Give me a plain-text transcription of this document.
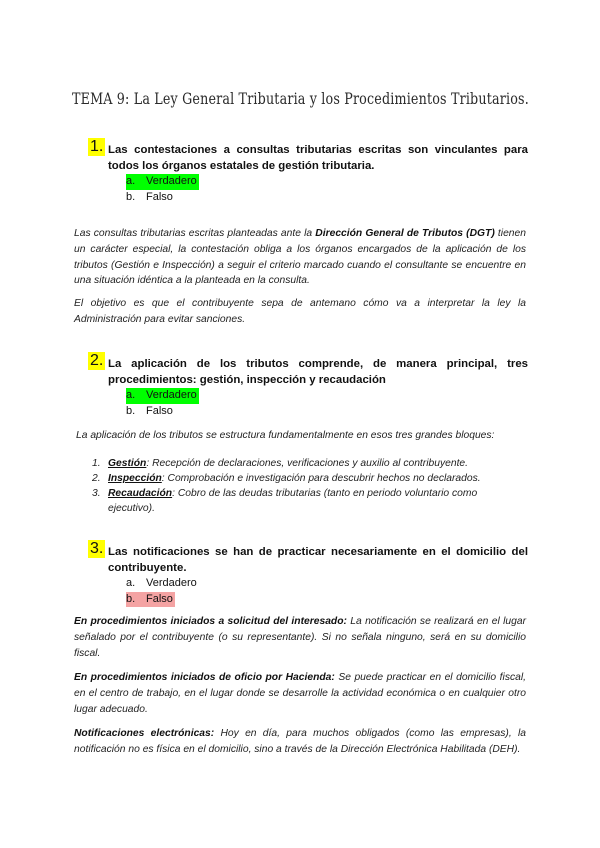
TEMA 9: La Ley General Tributaria y los Procedimientos Tributarios.
1. Las contestaciones a consultas tributarias escritas son vinculantes para todos los órganos estatales de gestión tributaria.
a. Verdadero
b. Falso
Las consultas tributarias escritas planteadas ante la Dirección General de Tributos (DGT) tienen un carácter especial, la contestación obliga a los órganos encargados de la aplicación de los tributos (Gestión e Inspección) a seguir el criterio marcado cuando el consultante se encuentre en una situación idéntica a la planteada en la consulta.
El objetivo es que el contribuyente sepa de antemano cómo va a interpretar la ley la Administración para evitar sanciones.
2. La aplicación de los tributos comprende, de manera principal, tres procedimientos: gestión, inspección y recaudación
a. Verdadero
b. Falso
La aplicación de los tributos se estructura fundamentalmente en esos tres grandes bloques:
1. Gestión: Recepción de declaraciones, verificaciones y auxilio al contribuyente.
2. Inspección: Comprobación e investigación para descubrir hechos no declarados.
3. Recaudación: Cobro de las deudas tributarias (tanto en periodo voluntario como ejecutivo).
3. Las notificaciones se han de practicar necesariamente en el domicilio del contribuyente.
a. Verdadero
b. Falso
En procedimientos iniciados a solicitud del interesado: La notificación se realizará en el lugar señalado por el contribuyente (o su representante). Si no señala ninguno, será en su domicilio fiscal.
En procedimientos iniciados de oficio por Hacienda: Se puede practicar en el domicilio fiscal, en el centro de trabajo, en el lugar donde se desarrolle la actividad económica o en cualquier otro lugar adecuado.
Notificaciones electrónicas: Hoy en día, para muchos obligados (como las empresas), la notificación no es física en el domicilio, sino a través de la Dirección Electrónica Habilitada (DEH).
